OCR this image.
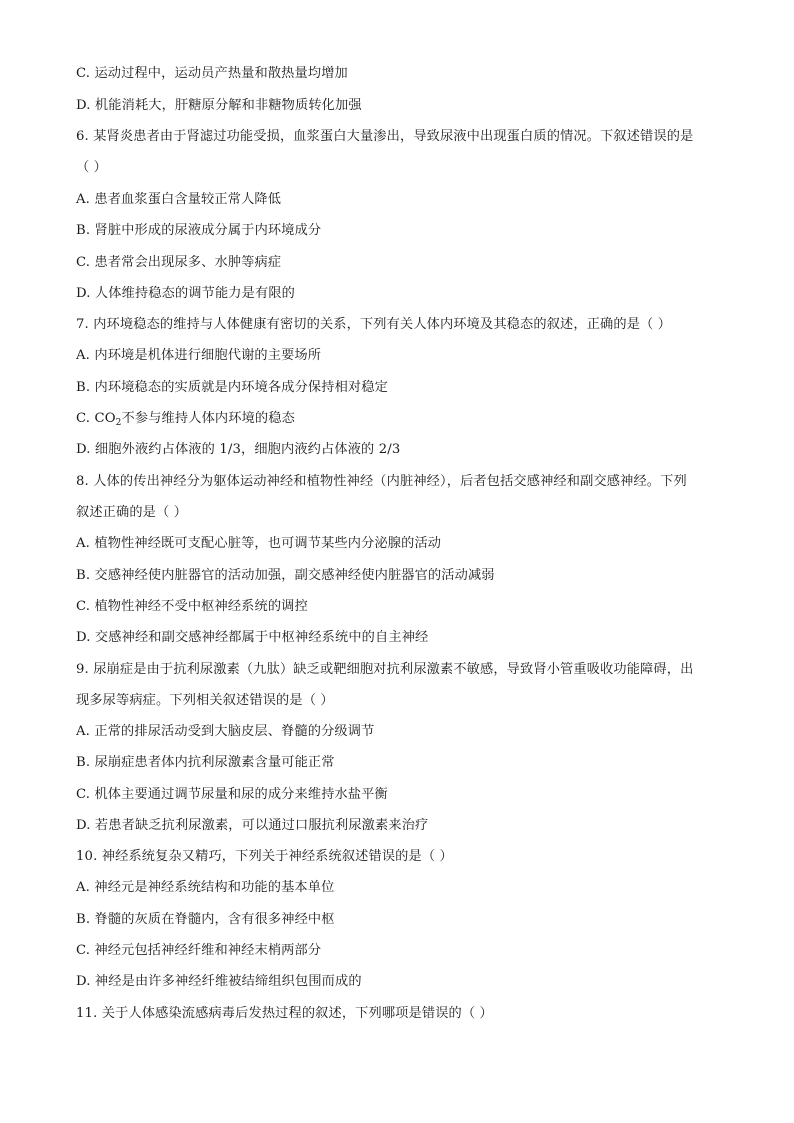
C. 运动过程中，运动员产热量和散热量均增加
D. 机能消耗大，肝糖原分解和非糖物质转化加强
6. 某肾炎患者由于肾滤过功能受损，血浆蛋白大量渗出，导致尿液中出现蛋白质的情况。下叙述错误的是
（ ）
A. 患者血浆蛋白含量较正常人降低
B. 肾脏中形成的尿液成分属于内环境成分
C. 患者常会出现尿多、水肿等病症
D. 人体维持稳态的调节能力是有限的
7. 内环境稳态的维持与人体健康有密切的关系，下列有关人体内环境及其稳态的叙述，正确的是（ ）
A. 内环境是机体进行细胞代谢的主要场所
B. 内环境稳态的实质就是内环境各成分保持相对稳定
C. $CO_2$不参与维持人体内环境的稳态
D. 细胞外液约占体液的 1/3，细胞内液约占体液的 2/3
8. 人体的传出神经分为躯体运动神经和植物性神经（内脏神经），后者包括交感神经和副交感神经。下列
叙述正确的是（ ）
A. 植物性神经既可支配心脏等，也可调节某些内分泌腺的活动
B. 交感神经使内脏器官的活动加强，副交感神经使内脏器官的活动减弱
C. 植物性神经不受中枢神经系统的调控
D. 交感神经和副交感神经都属于中枢神经系统中的自主神经
9. 尿崩症是由于抗利尿激素（九肽）缺乏或靶细胞对抗利尿激素不敏感，导致肾小管重吸收功能障碍，出
现多尿等病症。下列相关叙述错误的是（ ）
A. 正常的排尿活动受到大脑皮层、脊髓的分级调节
B. 尿崩症患者体内抗利尿激素含量可能正常
C. 机体主要通过调节尿量和尿的成分来维持水盐平衡
D. 若患者缺乏抗利尿激素，可以通过口服抗利尿激素来治疗
10. 神经系统复杂又精巧，下列关于神经系统叙述错误的是（ ）
A. 神经元是神经系统结构和功能的基本单位
B. 脊髓的灰质在脊髓内，含有很多神经中枢
C. 神经元包括神经纤维和神经末梢两部分
D. 神经是由许多神经纤维被结缔组织包围而成的
11. 关于人体感染流感病毒后发热过程的叙述，下列哪项是错误的（ ）
